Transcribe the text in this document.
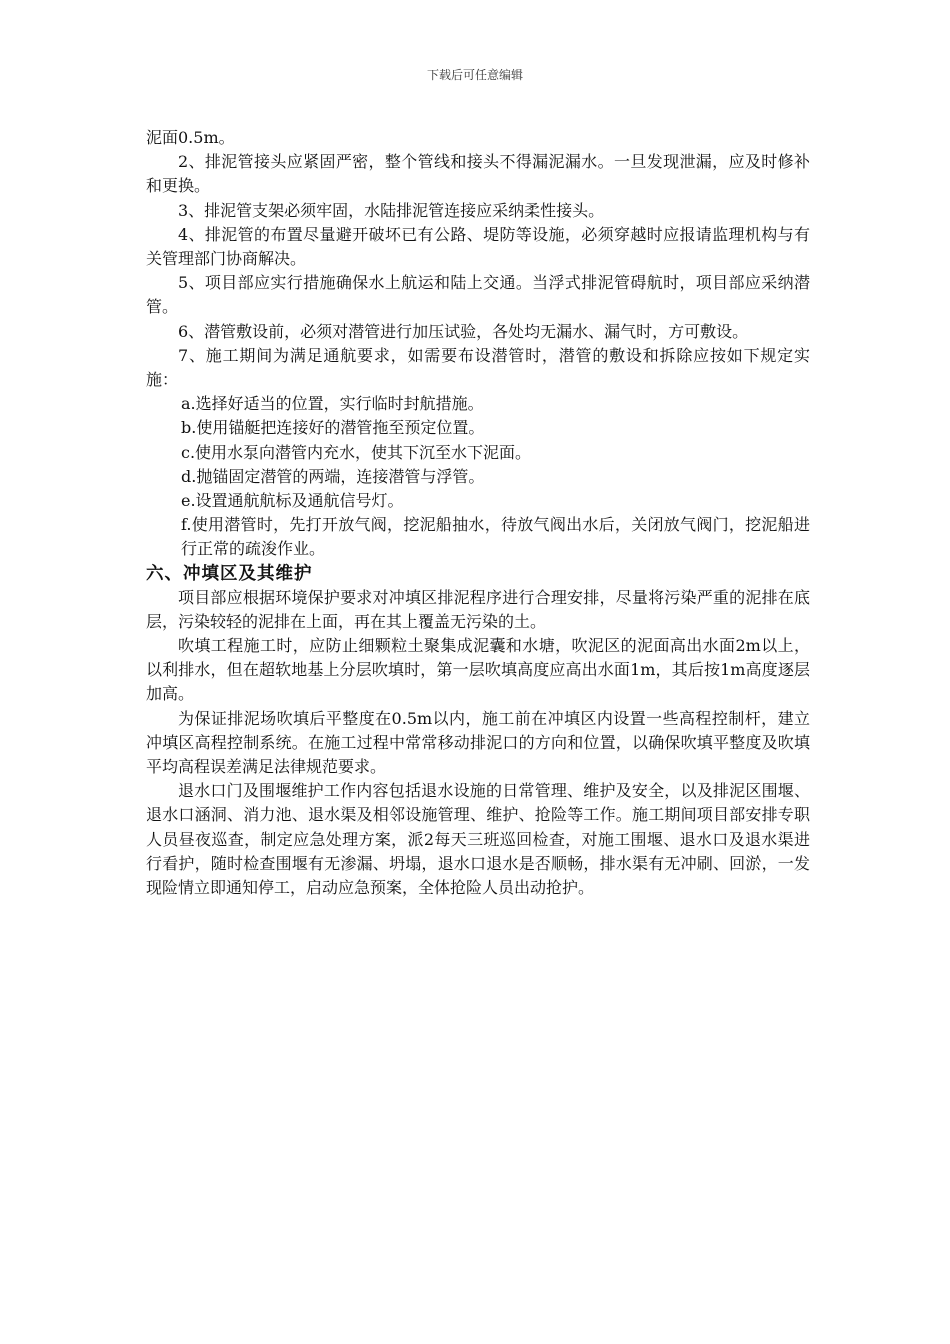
下载后可任意编辑

泥面0.5m。

2、排泥管接头应紧固严密，整个管线和接头不得漏泥漏水。一旦发现泄漏，应及时修补和更换。

3、排泥管支架必须牢固，水陆排泥管连接应采纳柔性接头。

4、排泥管的布置尽量避开破坏已有公路、堤防等设施，必须穿越时应报请监理机构与有关管理部门协商解决。

5、项目部应实行措施确保水上航运和陆上交通。当浮式排泥管碍航时，项目部应采纳潜管。

6、潜管敷设前，必须对潜管进行加压试验，各处均无漏水、漏气时，方可敷设。

7、施工期间为满足通航要求，如需要布设潜管时，潜管的敷设和拆除应按如下规定实施：

a.选择好适当的位置，实行临时封航措施。

b.使用锚艇把连接好的潜管拖至预定位置。

c.使用水泵向潜管内充水，使其下沉至水下泥面。

d.抛锚固定潜管的两端，连接潜管与浮管。

e.设置通航航标及通航信号灯。

f.使用潜管时，先打开放气阀，挖泥船抽水，待放气阀出水后，关闭放气阀门，挖泥船进行正常的疏浚作业。

六、冲填区及其维护

项目部应根据环境保护要求对冲填区排泥程序进行合理安排，尽量将污染严重的泥排在底层，污染较轻的泥排在上面，再在其上覆盖无污染的土。

吹填工程施工时，应防止细颗粒土聚集成泥囊和水塘，吹泥区的泥面高出水面2m以上，以利排水，但在超软地基上分层吹填时，第一层吹填高度应高出水面1m，其后按1m高度逐层加高。

为保证排泥场吹填后平整度在0.5m以内，施工前在冲填区内设置一些高程控制杆，建立冲填区高程控制系统。在施工过程中常常移动排泥口的方向和位置，以确保吹填平整度及吹填平均高程误差满足法律规范要求。

退水口门及围堰维护工作内容包括退水设施的日常管理、维护及安全，以及排泥区围堰、退水口涵洞、消力池、退水渠及相邻设施管理、维护、抢险等工作。施工期间项目部安排专职人员昼夜巡查，制定应急处理方案，派2每天三班巡回检查，对施工围堰、退水口及退水渠进行看护，随时检查围堰有无渗漏、坍塌，退水口退水是否顺畅，排水渠有无冲刷、回淤，一发现险情立即通知停工，启动应急预案，全体抢险人员出动抢护。
